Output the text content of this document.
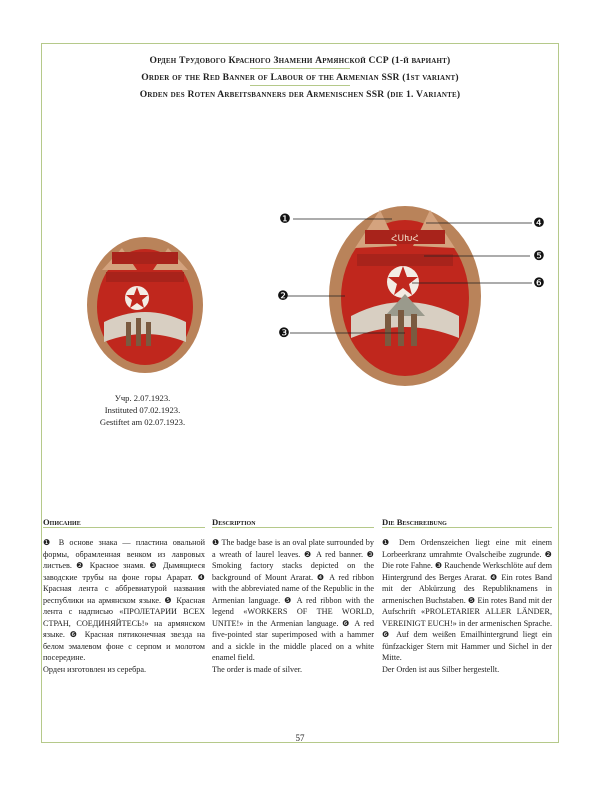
Орден Трудового Красного Знамени Армянской ССР (1-й вариант)
Order of the Red Banner of Labour of the Armenian SSR (1st variant)
Orden des Roten Arbeitsbanners der Armenischen SSR (die 1. Variante)
Учр. 2.07.1923.
Instituted 07.02.1923.
Gestiftet am 02.07.1923.
ՀՍԽՀ
❶
❷
❸
❹
❺
❻
Описание	Description	Die Beschreibung

❶ В основе знака — пластина овальной формы, обрамленная венком из лавровых листьев. ❷ Красное знамя. ❸ Дымящиеся заводские трубы на фоне горы Арарат. ❹ Красная лента с аббревиатурой названия республики на армянском языке. ❺ Красная лента с надписью «ПРОЛЕТАРИИ ВСЕХ СТРАН, СОЕДИНЯЙТЕСЬ!» на армянском языке. ❻ Красная пятиконечная звезда на белом эмалевом фоне с серпом и молотом посередине.

Орден изготовлен из серебра.

❶ The badge base is an oval plate surrounded by a wreath of laurel leaves. ❷ A red banner. ❸ Smoking factory stacks depicted on the background of Mount Ararat. ❹ A red ribbon with the abbreviated name of the Republic in the Armenian language. ❺ A red ribbon with the legend «WORKERS OF THE WORLD, UNITE!» in the Armenian language. ❻ A red five-pointed star superimposed with a hammer and a sickle in the middle placed on a white enamel field.

The order is made of silver.

❶ Dem Ordenszeichen liegt eine mit einem Lorbeerkranz umrahmte Ovalscheibe zugrunde. ❷ Die rote Fahne. ❸ Rauchende Werkschlöte auf dem Hintergrund des Berges Ararat. ❹ Ein rotes Band mit der Abkürzung des Republiknamens in armenischen Buchstaben. ❺ Ein rotes Band mit der Aufschrift «PROLETARIER ALLER LÄNDER, VEREINIGT EUCH!» in der armenischen Sprache. ❻ Auf dem weißen Emailhintergrund liegt ein fünfzackiger Stern mit Hammer und Sichel in der Mitte.

Der Orden ist aus Silber hergestellt.

57
